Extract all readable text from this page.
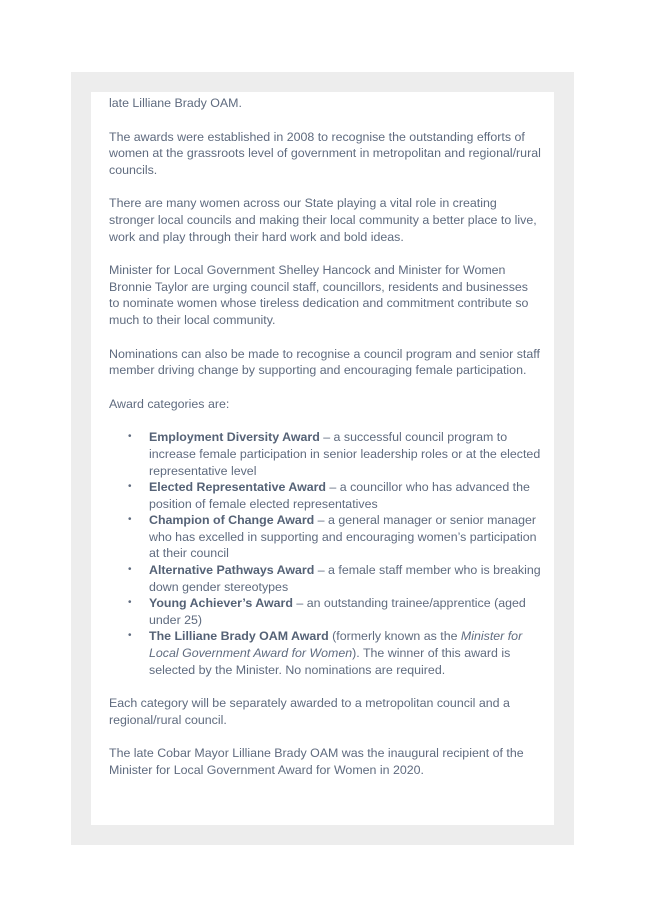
late Lilliane Brady OAM.

The awards were established in 2008 to recognise the outstanding efforts of women at the grassroots level of government in metropolitan and regional/rural councils.

There are many women across our State playing a vital role in creating stronger local councils and making their local community a better place to live, work and play through their hard work and bold ideas.

Minister for Local Government Shelley Hancock and Minister for Women Bronnie Taylor are urging council staff, councillors, residents and businesses to nominate women whose tireless dedication and commitment contribute so much to their local community.

Nominations can also be made to recognise a council program and senior staff member driving change by supporting and encouraging female participation.

Award categories are:

• Employment Diversity Award – a successful council program to increase female participation in senior leadership roles or at the elected representative level
• Elected Representative Award – a councillor who has advanced the position of female elected representatives
• Champion of Change Award – a general manager or senior manager who has excelled in supporting and encouraging women’s participation at their council
• Alternative Pathways Award – a female staff member who is breaking down gender stereotypes
• Young Achiever’s Award – an outstanding trainee/apprentice (aged under 25)
• The Lilliane Brady OAM Award (formerly known as the Minister for Local Government Award for Women). The winner of this award is selected by the Minister. No nominations are required.

Each category will be separately awarded to a metropolitan council and a regional/rural council.

The late Cobar Mayor Lilliane Brady OAM was the inaugural recipient of the Minister for Local Government Award for Women in 2020.
